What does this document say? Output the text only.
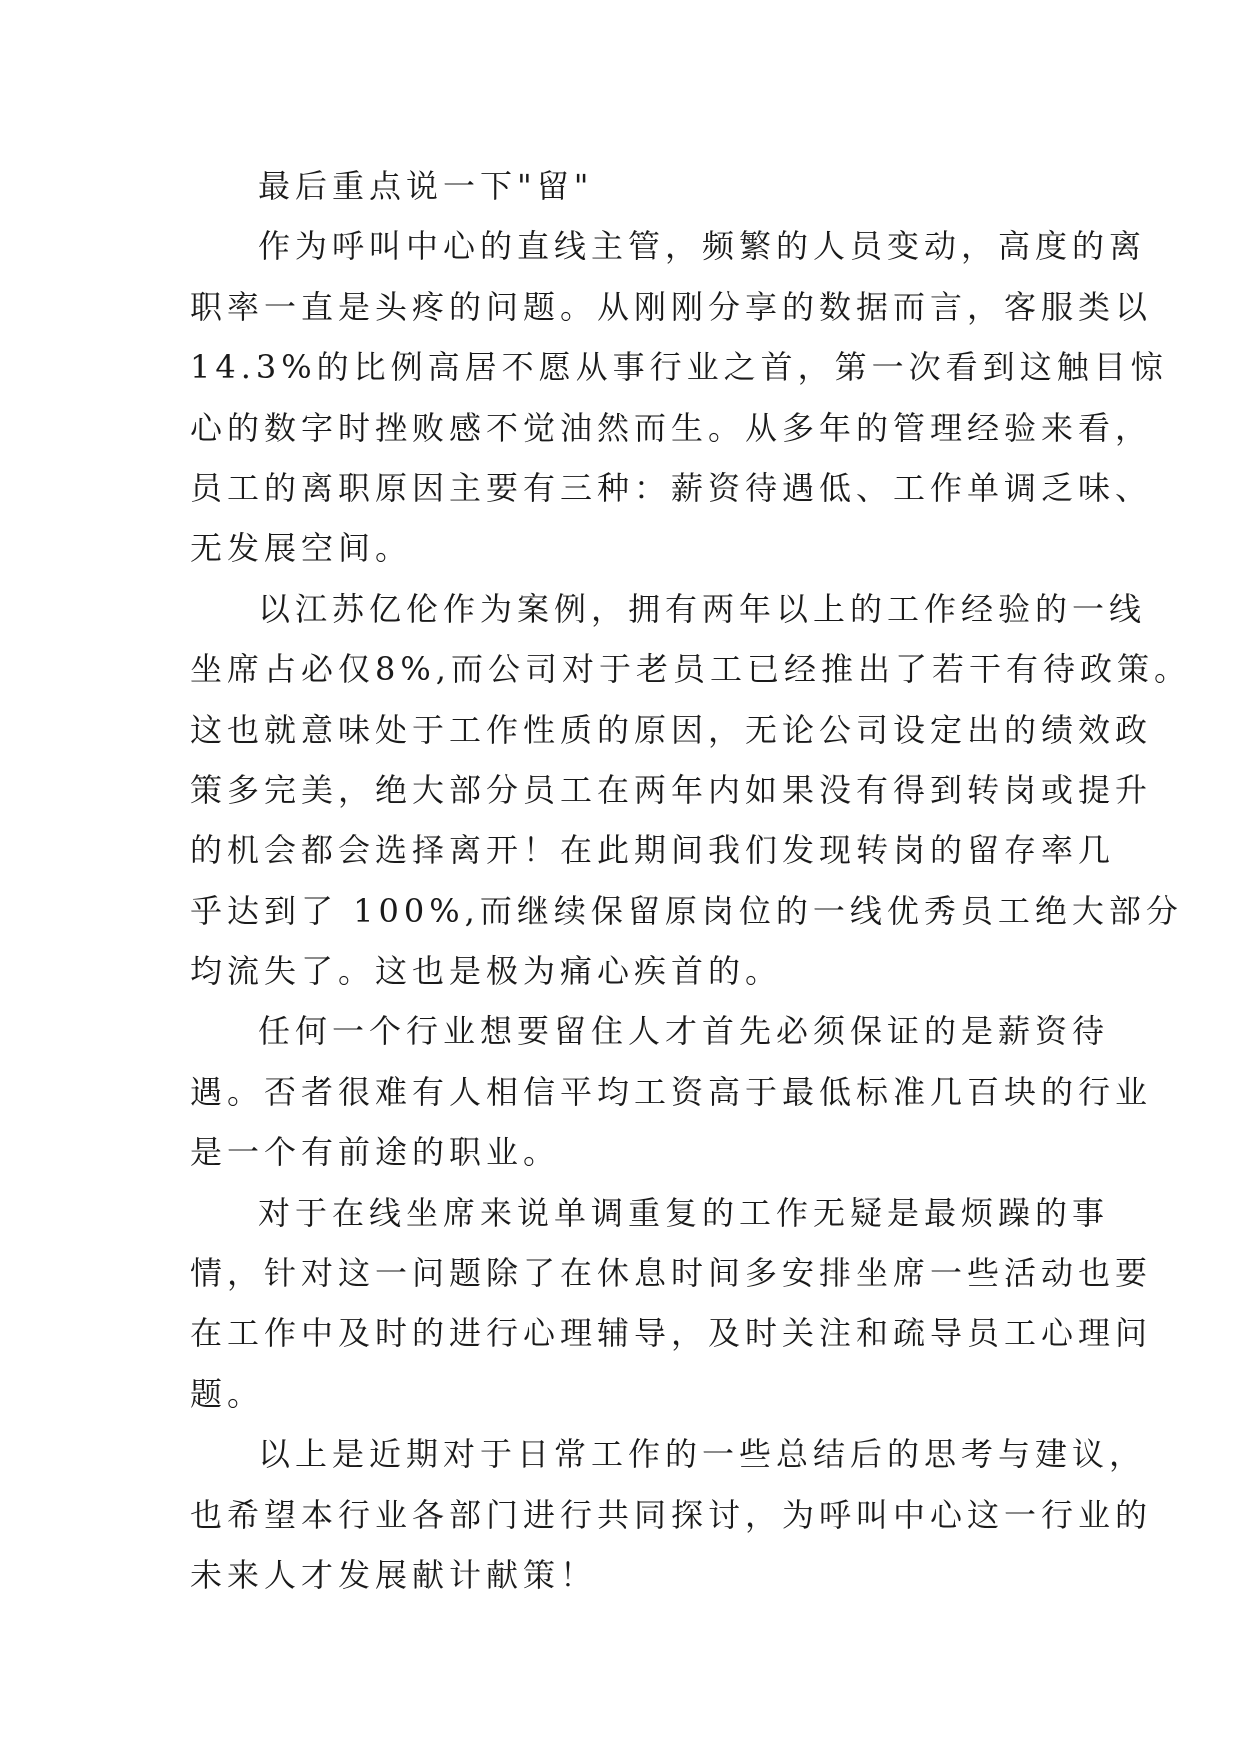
最后重点说一下"留"

作为呼叫中心的直线主管，频繁的人员变动，高度的离
职率一直是头疼的问题。从刚刚分享的数据而言，客服类以
14.3%的比例高居不愿从事行业之首，第一次看到这触目惊
心的数字时挫败感不觉油然而生。从多年的管理经验来看，
员工的离职原因主要有三种：薪资待遇低、工作单调乏味、
无发展空间。

以江苏亿伦作为案例，拥有两年以上的工作经验的一线
坐席占必仅8%,而公司对于老员工已经推出了若干有待政策。
这也就意味处于工作性质的原因，无论公司设定出的绩效政
策多完美，绝大部分员工在两年内如果没有得到转岗或提升
的机会都会选择离开！在此期间我们发现转岗的留存率几
乎达到了 100%,而继续保留原岗位的一线优秀员工绝大部分
均流失了。这也是极为痛心疾首的。

任何一个行业想要留住人才首先必须保证的是薪资待
遇。否者很难有人相信平均工资高于最低标准几百块的行业
是一个有前途的职业。

对于在线坐席来说单调重复的工作无疑是最烦躁的事
情，针对这一问题除了在休息时间多安排坐席一些活动也要
在工作中及时的进行心理辅导，及时关注和疏导员工心理问
题。

以上是近期对于日常工作的一些总结后的思考与建议，
也希望本行业各部门进行共同探讨，为呼叫中心这一行业的
未来人才发展献计献策！
